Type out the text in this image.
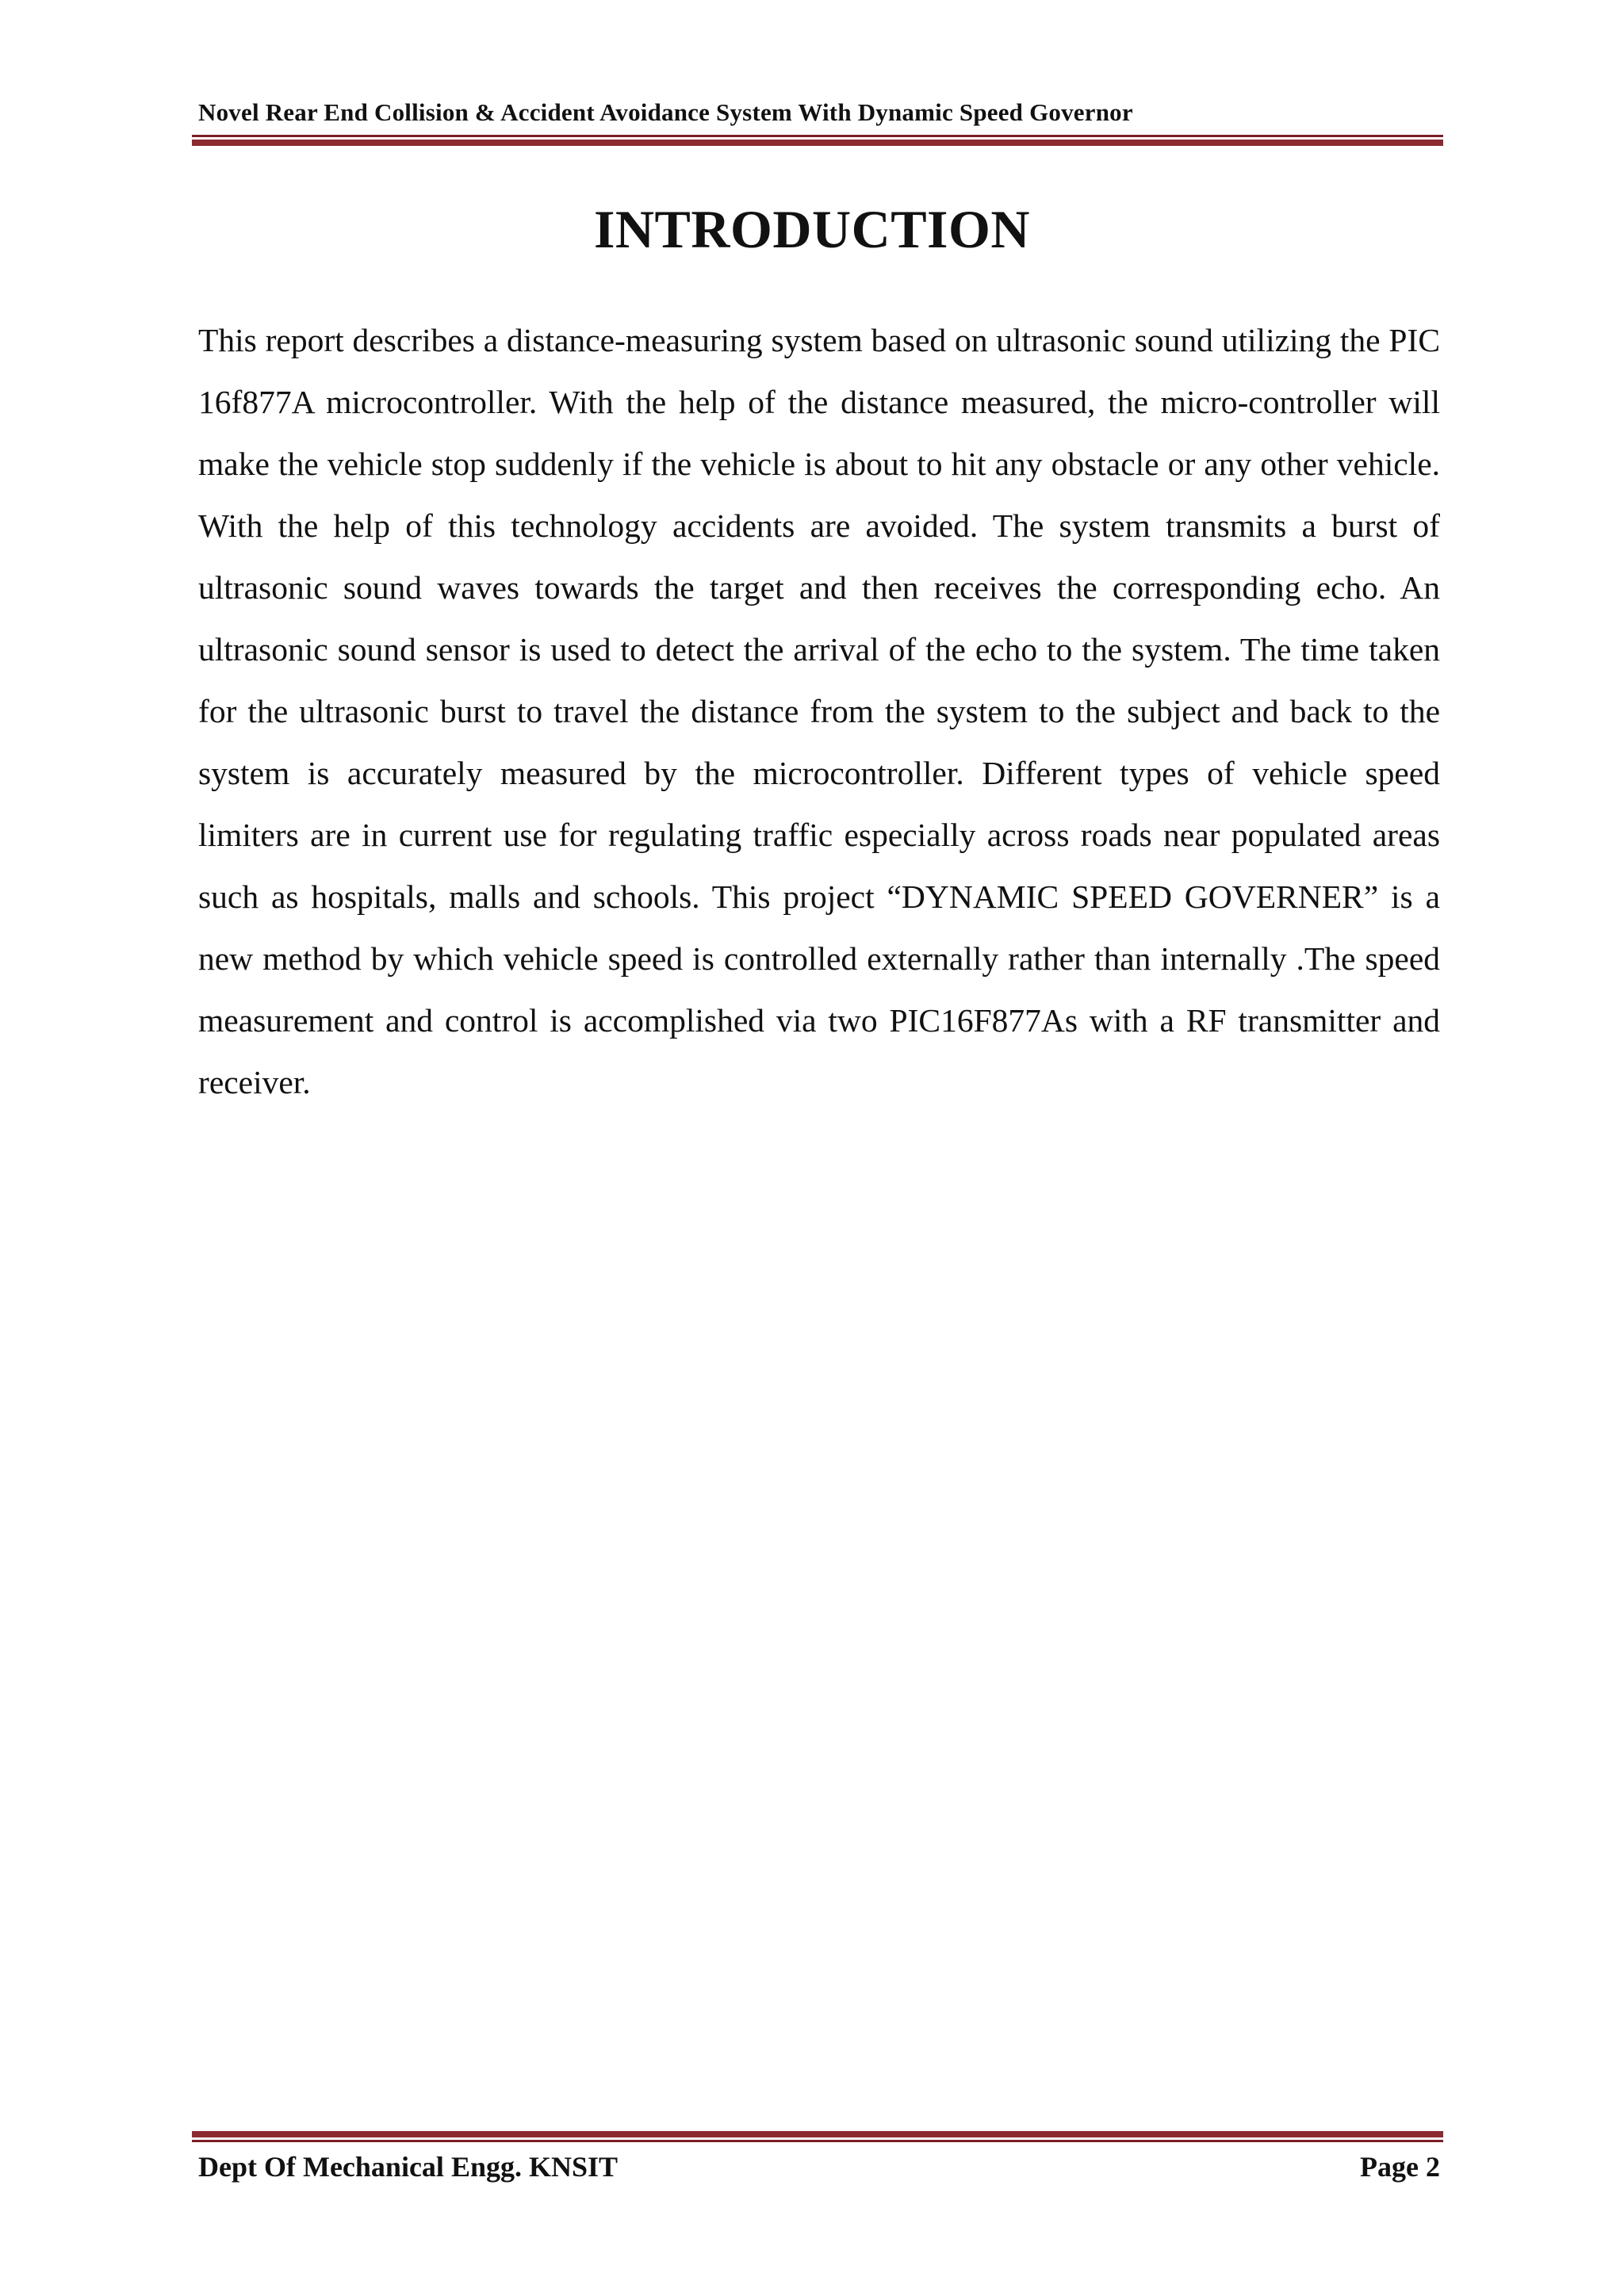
Novel Rear End Collision & Accident Avoidance System With Dynamic Speed Governor
INTRODUCTION

This report describes a distance-measuring system based on ultrasonic sound utilizing the PIC 16f877A microcontroller. With the help of the distance measured, the micro-controller will make the vehicle stop suddenly if the vehicle is about to hit any obstacle or any other vehicle. With the help of this technology accidents are avoided. The system transmits a burst of ultrasonic sound waves towards the target and then receives the corresponding echo. An ultrasonic sound sensor is used to detect the arrival of the echo to the system. The time taken for the ultrasonic burst to travel the distance from the system to the subject and back to the system is accurately measured by the microcontroller. Different types of vehicle speed limiters are in current use for regulating traffic especially across roads near populated areas such as hospitals, malls and schools. This project “DYNAMIC SPEED GOVERNER” is a new method by which vehicle speed is controlled externally rather than internally .The speed measurement and control is accomplished via two PIC16F877As with a RF transmitter and receiver.

Dept Of Mechanical Engg. KNSIT	Page 2
